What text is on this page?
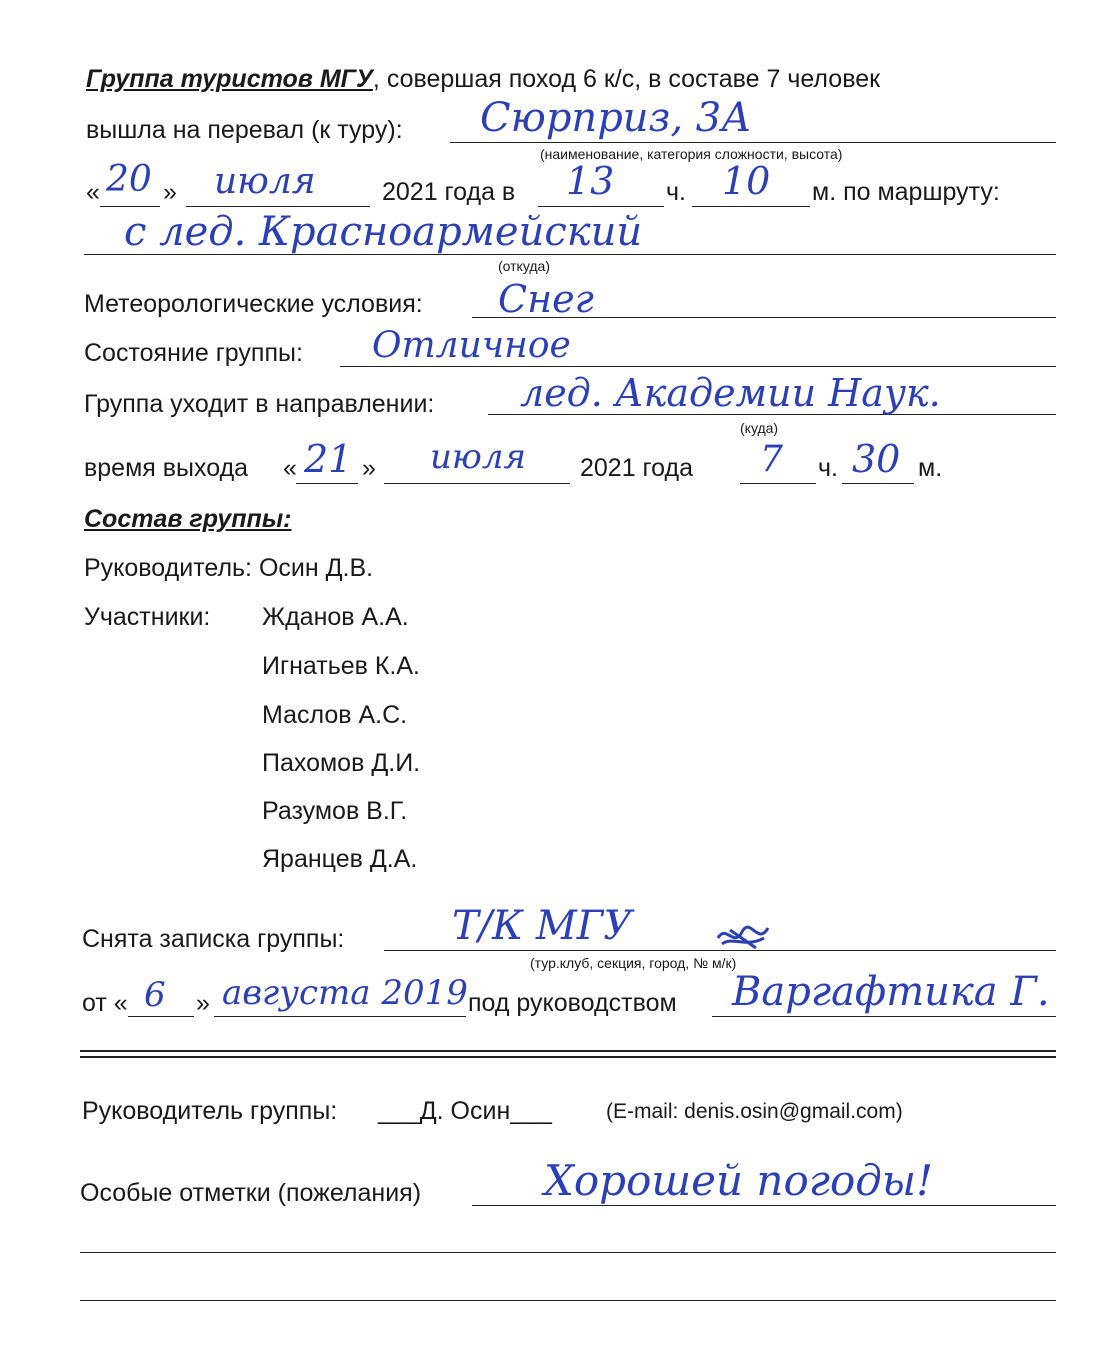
Группа туристов МГУ, совершая поход 6 к/с, в составе 7 человек
вышла на перевал (к туру): Сюрприз, 3А
(наименование, категория сложности, высота)
« 20 » июля	2021 года в 13 ч. 10 м. по маршруту:
с лед. Красноармейский
(откуда)
Метеорологические условия: Снег
Состояние группы: Отличное
Группа уходит в направлении: лед. Академии Наук.
(куда)
время выхода « 21 » июля 2021 года 7 ч. 30 м.
Состав группы:
Руководитель: Осин Д.В.
Участники: Жданов А.А.
Игнатьев К.А.
Маслов А.С.
Пахомов Д.И.
Разумов В.Г.
Яранцев Д.А.
Снята записка группы:	Т/К МГУ
(тур.клуб, секция, город, № м/к)
от « 6 » августа 2019 под руководством Варгафтика Г.
Руководитель группы: ___Д. Осин___	(E-mail: denis.osin@gmail.com)
Особые отметки (пожелания)	Хорошей погоды!
